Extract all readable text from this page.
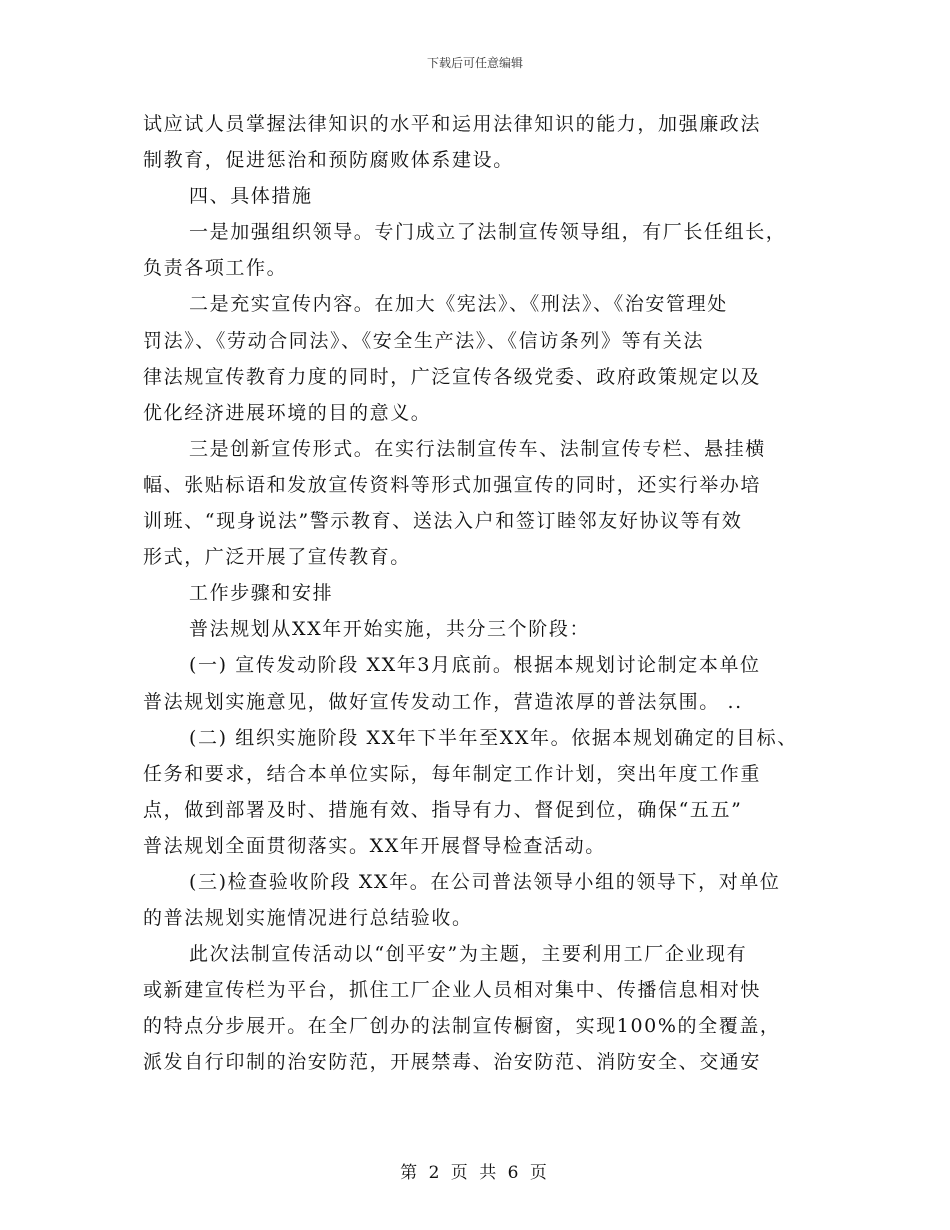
下载后可任意编辑
试应试人员掌握法律知识的水平和运用法律知识的能力，加强廉政法
制教育，促进惩治和预防腐败体系建设。
四、具体措施
一是加强组织领导。专门成立了法制宣传领导组，有厂长任组长，
负责各项工作。
二是充实宣传内容。在加大《宪法》、《刑法》、《治安管理处
罚法》、《劳动合同法》、《安全生产法》、《信访条列》等有关法
律法规宣传教育力度的同时，广泛宣传各级党委、政府政策规定以及
优化经济进展环境的目的意义。
三是创新宣传形式。在实行法制宣传车、法制宣传专栏、悬挂横
幅、张贴标语和发放宣传资料等形式加强宣传的同时，还实行举办培
训班、“现身说法”警示教育、送法入户和签订睦邻友好协议等有效
形式，广泛开展了宣传教育。
工作步骤和安排
普法规划从XX年开始实施，共分三个阶段：
(一) 宣传发动阶段 XX年3月底前。根据本规划讨论制定本单位
普法规划实施意见，做好宣传发动工作，营造浓厚的普法氛围。 ..
(二) 组织实施阶段 XX年下半年至XX年。依据本规划确定的目标、
任务和要求，结合本单位实际，每年制定工作计划，突出年度工作重
点，做到部署及时、措施有效、指导有力、督促到位，确保“五五”
普法规划全面贯彻落实。XX年开展督导检查活动。
(三)检查验收阶段 XX年。在公司普法领导小组的领导下，对单位
的普法规划实施情况进行总结验收。
此次法制宣传活动以“创平安”为主题，主要利用工厂企业现有
或新建宣传栏为平台，抓住工厂企业人员相对集中、传播信息相对快
的特点分步展开。在全厂创办的法制宣传橱窗，实现100%的全覆盖，
派发自行印制的治安防范，开展禁毒、治安防范、消防安全、交通安
第 2 页 共 6 页
